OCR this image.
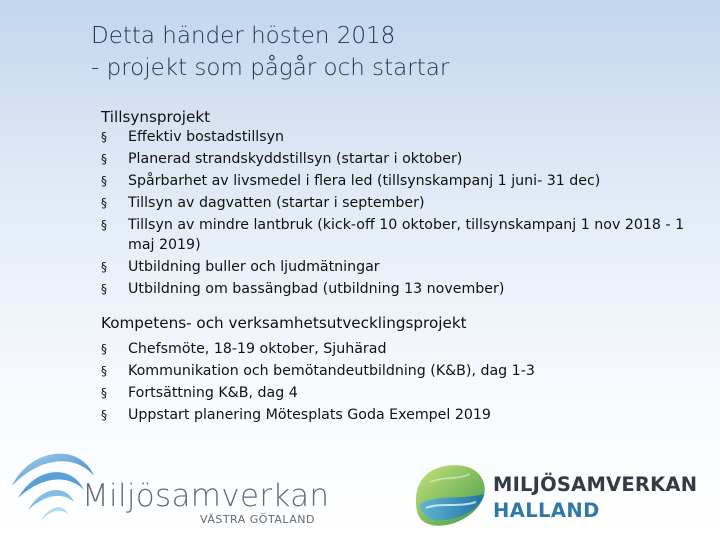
Detta händer hösten 2018
- projekt som pågår och startar
Tillsynsprojekt
§	Effektiv bostadstillsyn
§	Planerad strandskyddstillsyn (startar i oktober)
§	Spårbarhet av livsmedel i flera led (tillsynskampanj 1 juni- 31 dec)
§	Tillsyn av dagvatten (startar i september)
§	Tillsyn av mindre lantbruk (kick-off 10 oktober, tillsynskampanj 1 nov 2018 - 1 maj 2019)
§	Utbildning buller och ljudmätningar
§	Utbildning om bassängbad (utbildning 13 november)
Kompetens- och verksamhetsutvecklingsprojekt
§	Chefsmöte, 18-19 oktober, Sjuhärad
§	Kommunikation och bemötandeutbildning (K&B), dag 1-3
§	Fortsättning K&B, dag 4
§	Uppstart planering Mötesplats Goda Exempel 2019
Miljösamverkan
VÄSTRA GÖTALAND
MILJÖSAMVERKAN
HALLAND
